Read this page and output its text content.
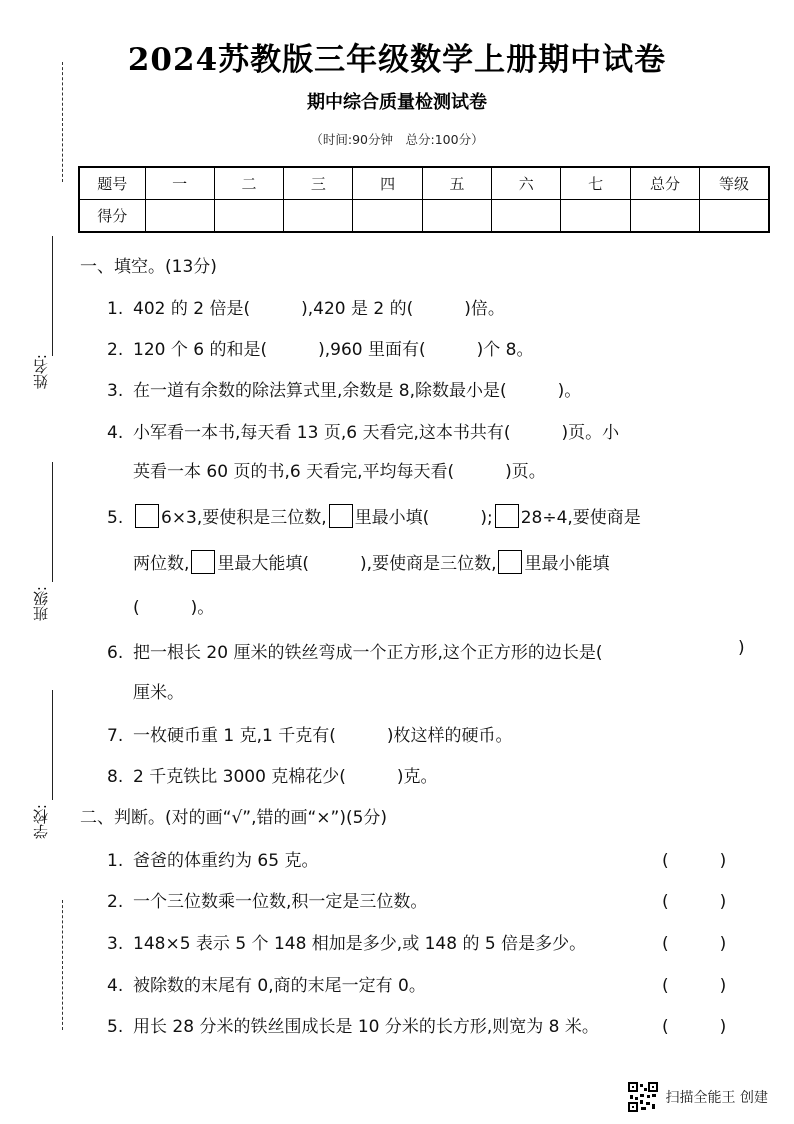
2024苏教版三年级数学上册期中试卷
期中综合质量检测试卷
（时间:90分钟　总分:100分）
题号	一	二	三	四	五	六	七	总分	等级
得分									
姓名:
班级:
学校:
一、填空。(13分)
1. 402 的 2 倍是(　　　),420 是 2 的(　　　)倍。
2. 120 个 6 的和是(　　　),960 里面有(　　　)个 8。
3. 在一道有余数的除法算式里,余数是 8,除数最小是(　　　)。
4. 小军看一本书,每天看 13 页,6 天看完,这本书共有(　　　)页。小
英看一本 60 页的书,6 天看完,平均每天看(　　　)页。
5. 6×3,要使积是三位数, 里最小填(　　　); 28÷4,要使商是
两位数, 里最大能填(　　　),要使商是三位数, 里最小能填
(　　　)。
6. 把一根长 20 厘米的铁丝弯成一个正方形,这个正方形的边长是(	)
厘米。
7. 一枚硬币重 1 克,1 千克有(　　　)枚这样的硬币。
8. 2 千克铁比 3000 克棉花少(　　　)克。
二、判断。(对的画“√”,错的画“×”)(5分)
1. 爸爸的体重约为 65 克。	(　　　)
2. 一个三位数乘一位数,积一定是三位数。	(　　　)
3. 148×5 表示 5 个 148 相加是多少,或 148 的 5 倍是多少。	(　　　)
4. 被除数的末尾有 0,商的末尾一定有 0。	(　　　)
5. 用长 28 分米的铁丝围成长是 10 分米的长方形,则宽为 8 米。	(　　　)
扫描全能王 创建
